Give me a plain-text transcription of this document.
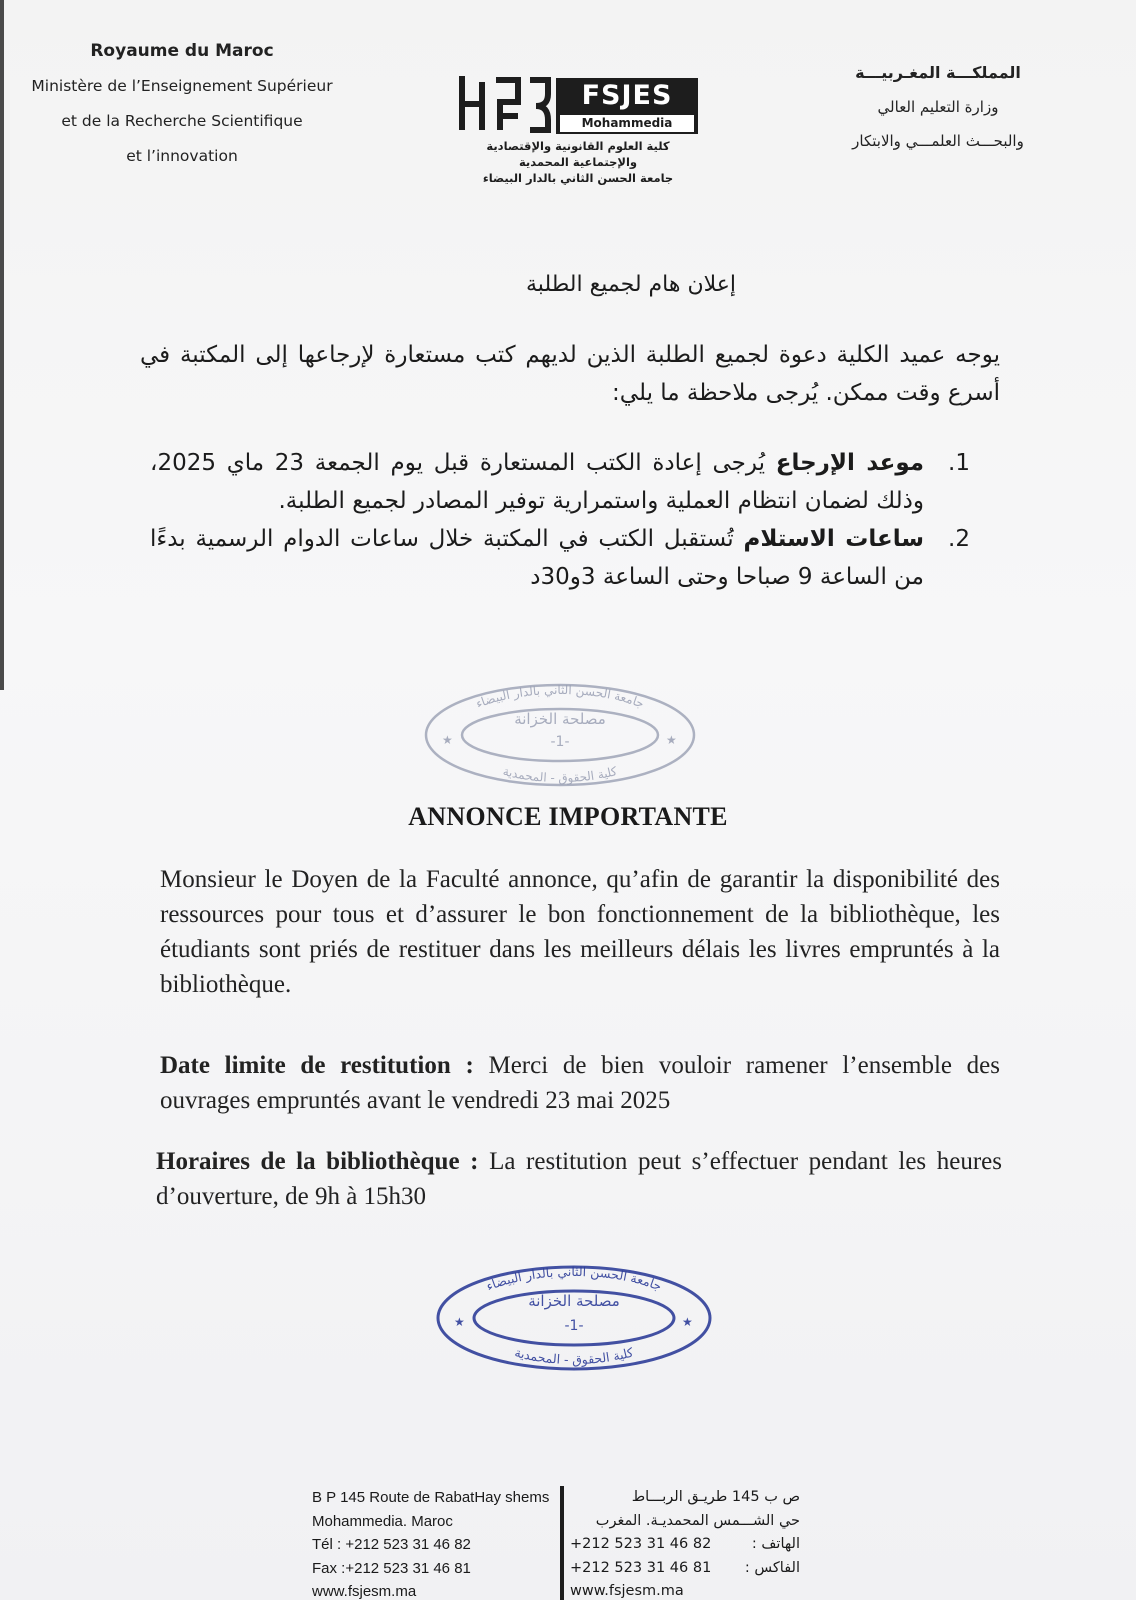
Royaume du Maroc
Ministère de l’Enseignement Supérieur
et de la Recherche Scientifique
et l’innovation
FSJES
Mohammedia
كلية العلوم القانونية والإقتصادية
والإجتماعية المحمدية
جامعة الحسن الثاني بالدار البيضاء
المملكـــة المغـربيـــة
وزارة التعليم العالي
والبحـــث العلمـــي والابتكار
إعلان هام لجميع الطلبة
يوجه عميد الكلية دعوة لجميع الطلبة الذين لديهم كتب مستعارة لإرجاعها إلى المكتبة في أسرع وقت ممكن. يُرجى ملاحظة ما يلي:
1.
موعد الإرجاع يُرجى إعادة الكتب المستعارة قبل يوم الجمعة 23 ماي 2025، وذلك لضمان انتظام العملية واستمرارية توفير المصادر لجميع الطلبة.
2.
ساعات الاستلام تُستقبل الكتب في المكتبة خلال ساعات الدوام الرسمية بدءًا من الساعة 9 صباحا وحتى الساعة 3و30د
جامعة الحسن الثاني بالدار البيضاء
مصلحة الخزانة
-1-
كلية الحقوق - المحمدية
★	★
ANNONCE IMPORTANTE
Monsieur le Doyen de la Faculté annonce, qu’afin de garantir la disponibilité des ressources pour tous et d’assurer le bon fonctionnement de la bibliothèque, les étudiants sont priés de restituer dans les meilleurs délais les livres empruntés à la bibliothèque.
Date limite de restitution : Merci de bien vouloir ramener l’ensemble des ouvrages empruntés avant le vendredi 23 mai 2025
Horaires de la bibliothèque : La restitution peut s’effectuer pendant les heures d’ouverture, de 9h à 15h30
جامعة الحسن الثاني بالدار البيضاء
مصلحة الخزانة
-1-
كلية الحقوق - المحمدية
★	★
B P 145 Route de RabatHay shems
Mohammedia. Maroc
Tél : +212 523 31 46 82
Fax :+212 523 31 46 81
www.fsjesm.ma
ص ب 145 طريـق الربـــاط
حي الشـــمس المحمديـة. المغرب
+212 523 31 46 82	الهاتف :
+212 523 31 46 81 الفاكس :
www.fsjesm.ma
